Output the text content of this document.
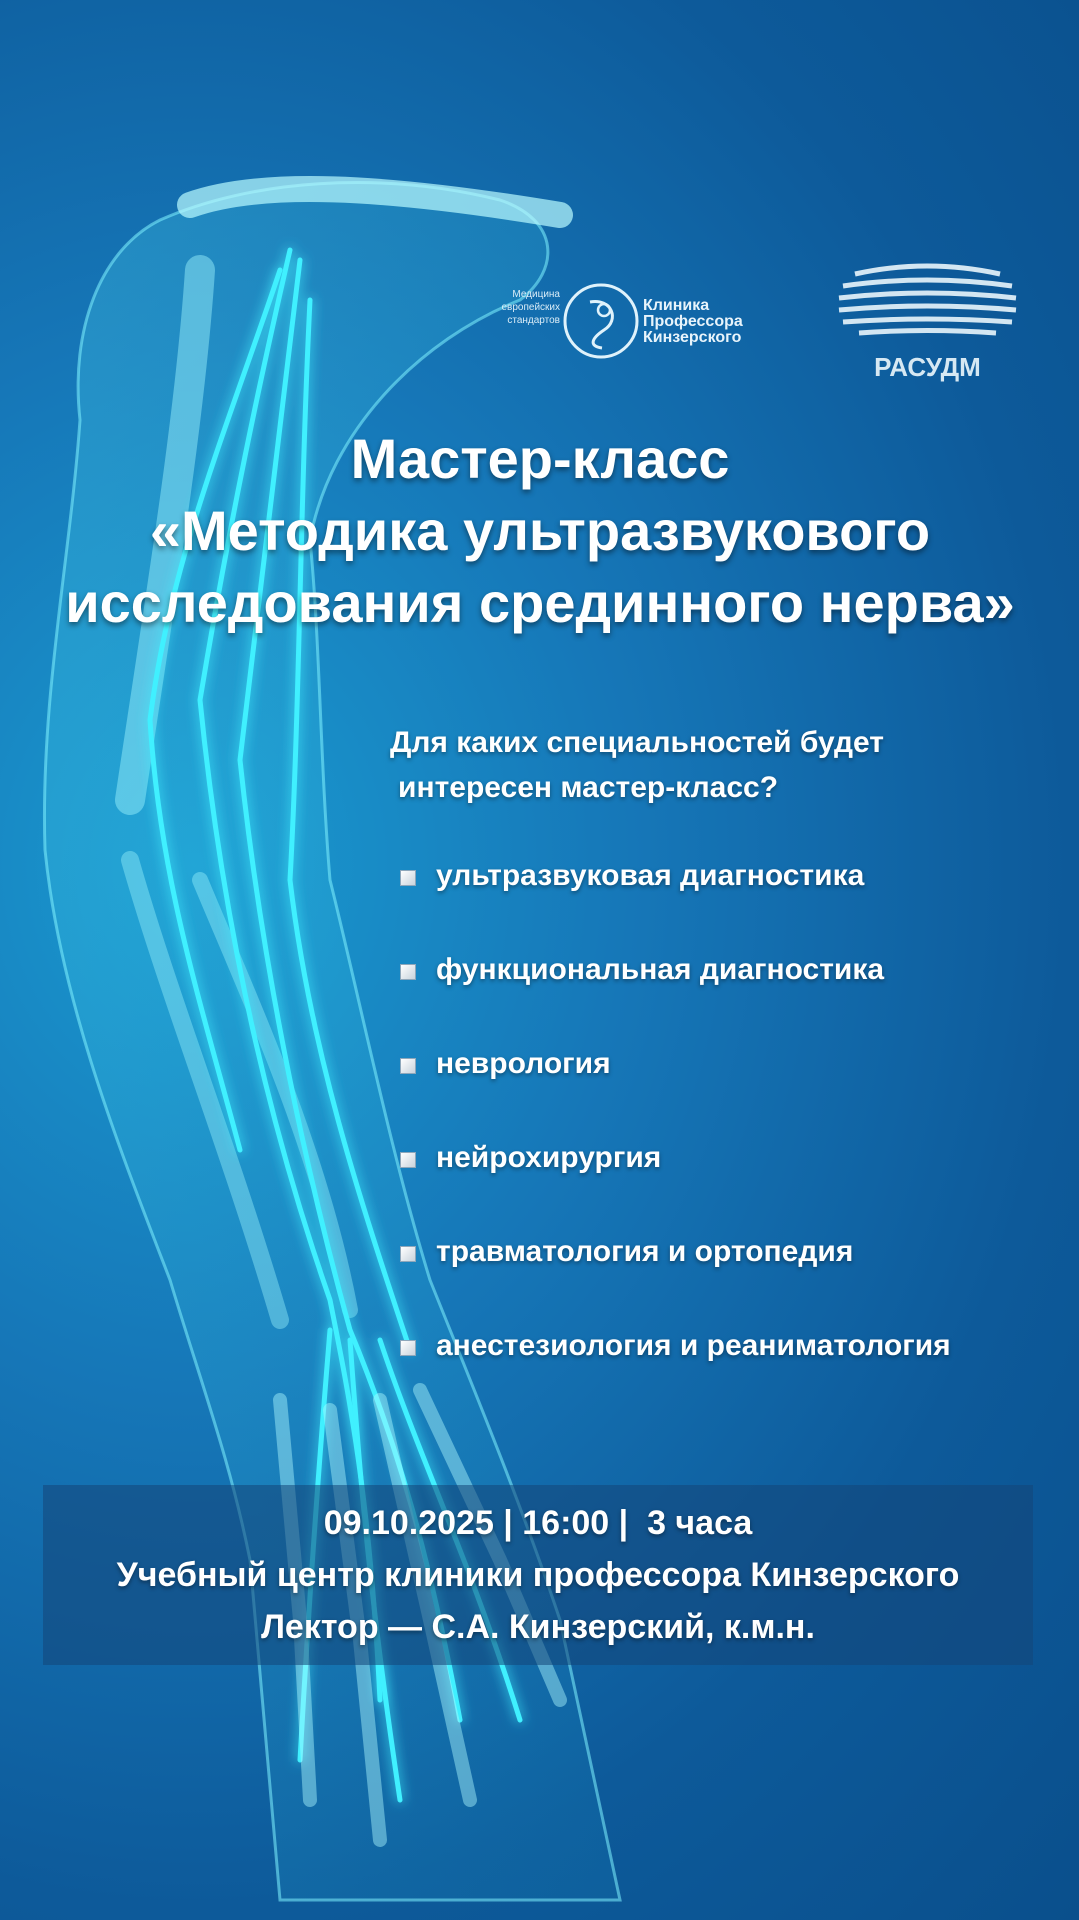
Медицина
европейских
стандартов
Клиника
Профессора
Кинзерского
РАСУДМ
Мастер-класс
«Методика ультразвукового
исследования срединного нерва»
Для каких специальностей будет
интересен мастер-класс?
ультразвуковая диагностика
функциональная диагностика
неврология
нейрохирургия
травматология и ортопедия
анестезиология и реаниматология
09.10.2025 | 16:00 |  3 часа
Учебный центр клиники профессора Кинзерского
Лектор — С.А. Кинзерский, к.м.н.
